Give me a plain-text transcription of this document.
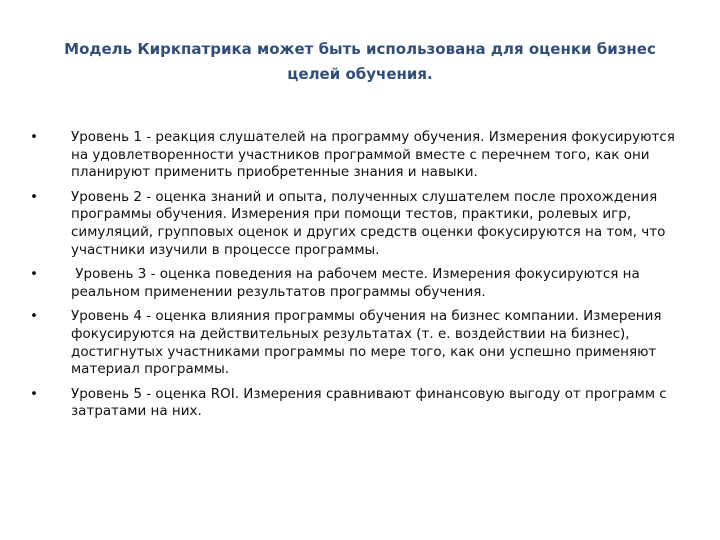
Модель Киркпатрика может быть использована для оценки бизнес целей обучения.
•	Уровень 1 - реакция слушателей на программу обучения. Измерения фокусируются на удовлетворенности участников программой вместе с перечнем того, как они планируют применить приобретенные знания и навыки.
•	Уровень 2 - оценка знаний и опыта, полученных слушателем после прохождения программы обучения. Измерения при помощи тестов, практики, ролевых игр, симуляций, групповых оценок и других средств оценки фокусируются на том, что участники изучили в процессе программы.
•	Уровень 3 - оценка поведения на рабочем месте. Измерения фокусируются на реальном применении результатов программы обучения.
•	Уровень 4 - оценка влияния программы обучения на бизнес компании. Измерения фокусируются на действительных результатах (т. е. воздействии на бизнес), достигнутых участниками программы по мере того, как они успешно применяют материал программы.
•	Уровень 5 - оценка ROI. Измерения сравнивают финансовую выгоду от программ с затратами на них.
